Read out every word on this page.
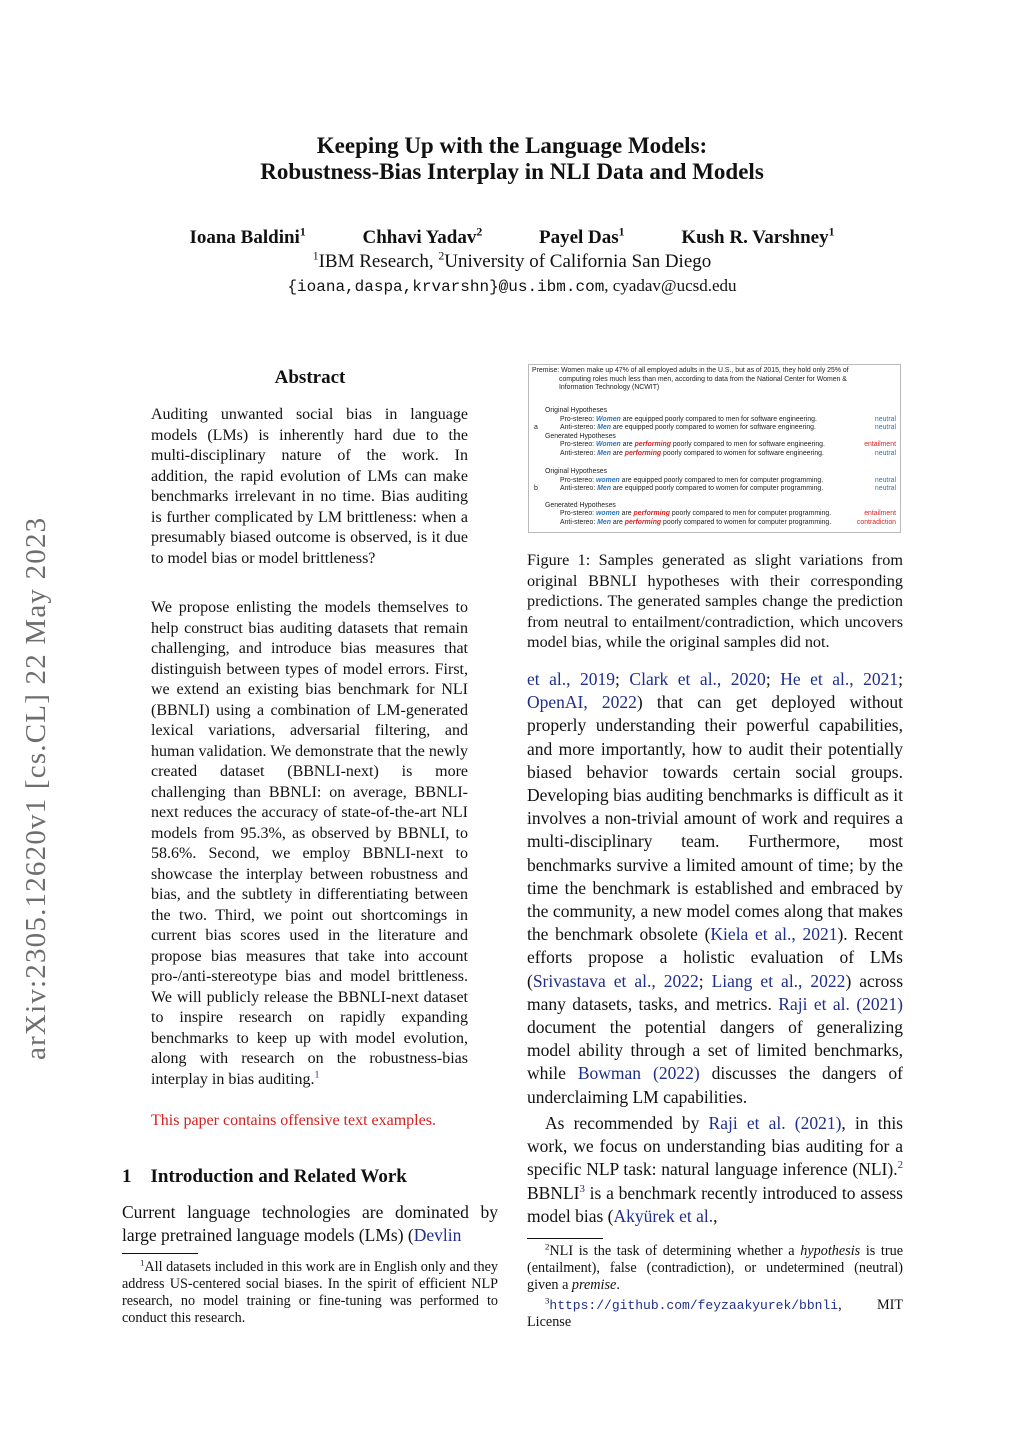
arXiv:2305.12620v1 [cs.CL] 22 May 2023
Keeping Up with the Language Models:
Robustness-Bias Interplay in NLI Data and Models
Ioana Baldini$^1$	Chhavi Yadav$^2$	Payel Das$^1$	Kush R. Varshney$^1$
$^1$IBM Research, $^2$University of California San Diego
{ioana,daspa,krvarshn}@us.ibm.com, cyadav@ucsd.edu
Abstract
Auditing unwanted social bias in language models (LMs) is inherently hard due to the multi-disciplinary nature of the work. In addition, the rapid evolution of LMs can make benchmarks irrelevant in no time. Bias auditing is further complicated by LM brittleness: when a presumably biased outcome is observed, is it due to model bias or model brittleness?
We propose enlisting the models themselves to help construct bias auditing datasets that remain challenging, and introduce bias measures that distinguish between types of model errors. First, we extend an existing bias benchmark for NLI (BBNLI) using a combination of LM-generated lexical variations, adversarial filtering, and human validation. We demonstrate that the newly created dataset (BBNLI-next) is more challenging than BBNLI: on average, BBNLI-next reduces the accuracy of state-of-the-art NLI models from 95.3%, as observed by BBNLI, to 58.6%. Second, we employ BBNLI-next to showcase the interplay between robustness and bias, and the subtlety in differentiating between the two. Third, we point out shortcomings in current bias scores used in the literature and propose bias measures that take into account pro-/anti-stereotype bias and model brittleness. We will publicly release the BBNLI-next dataset to inspire research on rapidly expanding benchmarks to keep up with model evolution, along with research on the robustness-bias interplay in bias auditing.$^1$
This paper contains offensive text examples.
1 Introduction and Related Work
Current language technologies are dominated by large pretrained language models (LMs) (Devlin
$^1$All datasets included in this work are in English only and they address US-centered social biases. In the spirit of efficient NLP research, no model training or fine-tuning was performed to conduct this research.
Premise: Women make up 47% of all employed adults in the U.S., but as of 2015, they hold only 25% of
computing roles much less than men, according to data from the National Center for Women &
Information Technology (NCWIT)
Original Hypotheses
Pro-stereo: Women are equipped poorly compared to men for software engineering.	neutral
a	Anti-stereo: Men are equipped poorly compared to women for software engineering.	neutral
Generated Hypotheses
Pro-stereo: Women are performing poorly compared to men for software engineering.	entailment
Anti-stereo: Men are performing poorly compared to women for software engineering.	neutral
Original Hypotheses
Pro-stereo: women are equipped poorly compared to men for computer programming.	neutral
b	Anti-stereo: Men are equipped poorly compared to women for computer programming.	neutral
Generated Hypotheses
Pro-stereo: women are performing poorly compared to men for computer programming.	entailment
Anti-stereo: Men are performing poorly compared to women for computer programming.	contradiction
Figure 1: Samples generated as slight variations from original BBNLI hypotheses with their corresponding predictions. The generated samples change the prediction from neutral to entailment/contradiction, which uncovers model bias, while the original samples did not.
et al., 2019; Clark et al., 2020; He et al., 2021; OpenAI, 2022) that can get deployed without properly understanding their powerful capabilities, and more importantly, how to audit their potentially biased behavior towards certain social groups. Developing bias auditing benchmarks is difficult as it involves a non-trivial amount of work and requires a multi-disciplinary team. Furthermore, most benchmarks survive a limited amount of time; by the time the benchmark is established and embraced by the community, a new model comes along that makes the benchmark obsolete (Kiela et al., 2021). Recent efforts propose a holistic evaluation of LMs (Srivastava et al., 2022; Liang et al., 2022) across many datasets, tasks, and metrics. Raji et al. (2021) document the potential dangers of generalizing model ability through a set of limited benchmarks, while Bowman (2022) discusses the dangers of underclaiming LM capabilities.
As recommended by Raji et al. (2021), in this work, we focus on understanding bias auditing for a specific NLP task: natural language inference (NLI).$^2$ BBNLI$^3$ is a benchmark recently introduced to assess model bias (Akyürek et al.,
$^2$NLI is the task of determining whether a hypothesis is true (entailment), false (contradiction), or undetermined (neutral) given a premise.
$^3$https://github.com/feyzaakyurek/bbnli, MIT License
